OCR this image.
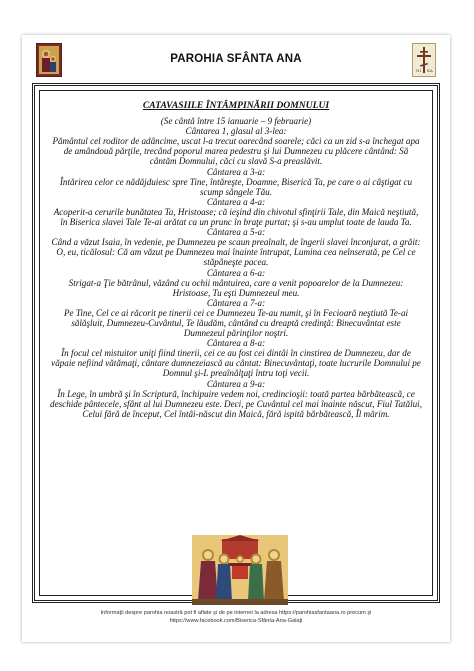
PAROHIA SFÂNTA ANA
NI KA

CATAVASIILE ÎNTÂMPINĂRII DOMNULUI

(Se cântă între 15 ianuarie – 9 februarie)

Cântarea 1, glasul al 3-lea:

Pământul cel roditor de adâncime, uscat l-a trecut oarecând soarele; căci ca un zid s-a închegat apa de amândouă părţile, trecând poporul marea pedestru şi lui Dumnezeu cu plăcere cântând: Să cântăm Domnului, căci cu slavă S-a preaslăvit.

Cântarea a 3-a:

Întărirea celor ce nădăjduiesc spre Tine, întăreşte, Doamne, Biserică Ta, pe care o ai câştigat cu scump sângele Tău.

Cântarea a 4-a:

Acoperit-a cerurile bunătatea Ta, Hristoase; că ieşind din chivotul sfinţirii Tale, din Maică neştiută, în Biserica slavei Tale Te-ai arătat ca un prunc în braţe purtat; şi s-au umplut toate de lauda Ta.

Cântarea a 5-a:

Când a văzut Isaia, în vedenie, pe Dumnezeu pe scaun preaînalt, de îngerii slavei înconjurat, a grăit: O, eu, ticălosul: Că am văzut pe Dumnezeu mai înainte întrupat, Lumina cea neînserată, pe Cel ce stăpâneşte pacea.

Cântarea a 6-a:

Strigat-a Ţie bătrânul, văzând cu ochii mântuirea, care a venit popoarelor de la Dumnezeu: Hristoase, Tu eşti Dumnezeul meu.

Cântarea a 7-a:

Pe Tine, Cel ce ai răcorit pe tinerii cei ce Dumnezeu Te-au numit, şi în Fecioară neştiută Te-ai sălăşluit, Dumnezeu-Cuvântul, Te lăudăm, cântând cu dreaptă credinţă: Binecuvântat este Dumnezeul părinţilor noştri.

Cântarea a 8-a:

În focul cel mistuitor uniţi fiind tinerii, cei ce au fost cei dintâi în cinstirea de Dumnezeu, dar de văpaie nefiind vătămaţi, cântare dumnezeiască au cântat: Binecuvântaţi, toate lucrurile Domnului pe Domnul şi-L preaînălţaţi întru toţi vecii.

Cântarea a 9-a:

În Lege, în umbră şi în Scriptură, închipuire vedem noi, credincioşii: toată partea bărbătească, ce deschide pântecele, sfânt al lui Dumnezeu este. Deci, pe Cuvântul cel mai înainte născut, Fiul Tatălui, Celui fără de început, Cel întâi-născut din Maică, fără ispită bărbătească, Îl mărim.

Informaţii despre parohia noastră pot fi aflate şi de pe internet la adresa https://parohiasfantaana.ro precum şi
https://www.facebook.com/Biserica-Sfânta-Ana-Galaţi
